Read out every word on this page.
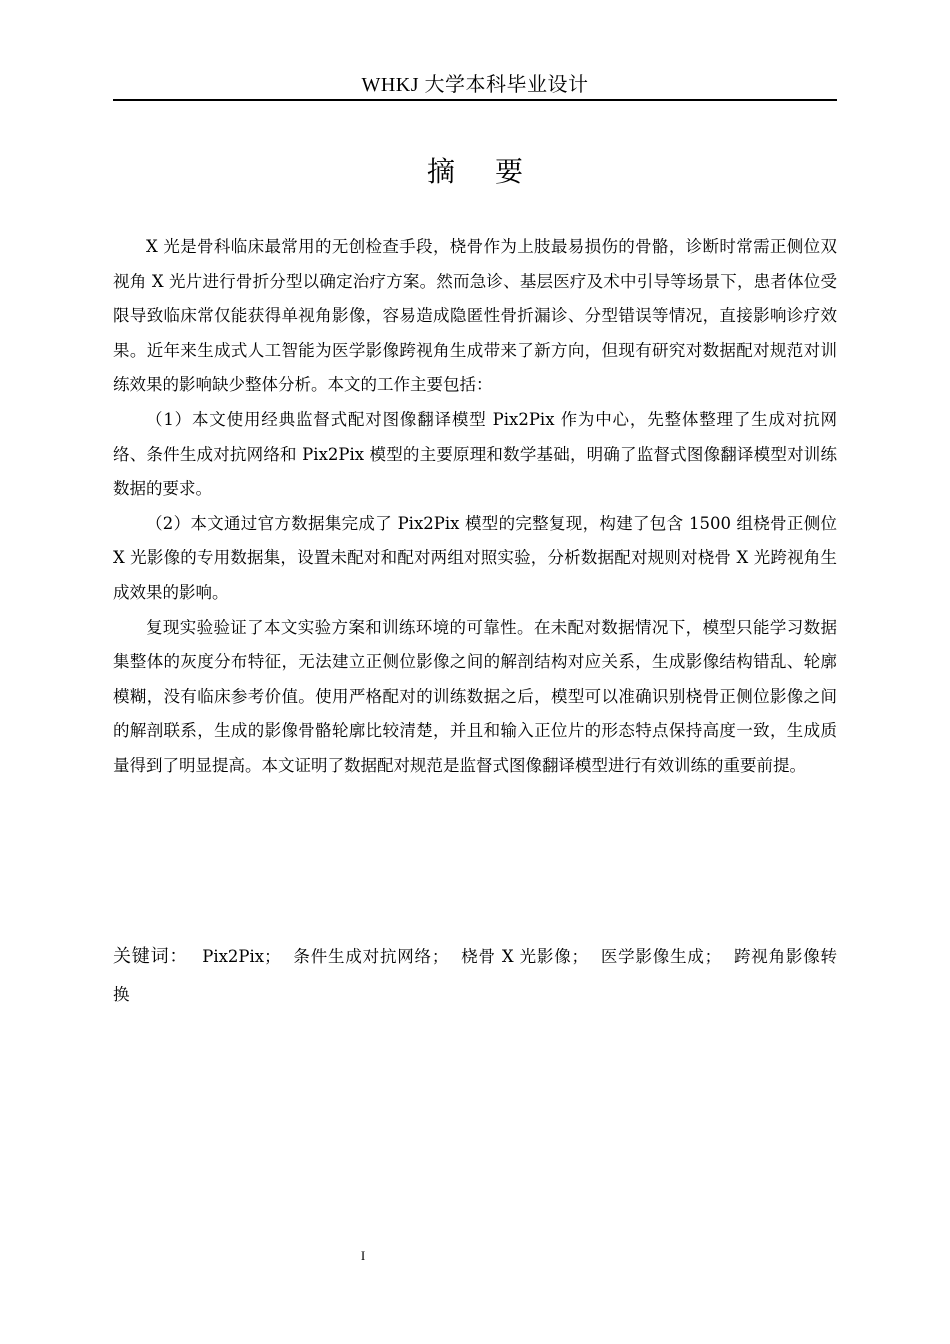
WHKJ 大学本科毕业设计
摘要

X 光是骨科临床最常用的无创检查手段，桡骨作为上肢最易损伤的骨骼，诊断时常需正侧位双视角 X 光片进行骨折分型以确定治疗方案。然而急诊、基层医疗及术中引导等场景下，患者体位受限导致临床常仅能获得单视角影像，容易造成隐匿性骨折漏诊、分型错误等情况，直接影响诊疗效果。近年来生成式人工智能为医学影像跨视角生成带来了新方向，但现有研究对数据配对规范对训练效果的影响缺少整体分析。本文的工作主要包括：

（1）本文使用经典监督式配对图像翻译模型 Pix2Pix 作为中心，先整体整理了生成对抗网络、条件生成对抗网络和 Pix2Pix 模型的主要原理和数学基础，明确了监督式图像翻译模型对训练数据的要求。

（2）本文通过官方数据集完成了 Pix2Pix 模型的完整复现，构建了包含 1500 组桡骨正侧位 X 光影像的专用数据集，设置未配对和配对两组对照实验，分析数据配对规则对桡骨 X 光跨视角生成效果的影响。

复现实验验证了本文实验方案和训练环境的可靠性。在未配对数据情况下，模型只能学习数据集整体的灰度分布特征，无法建立正侧位影像之间的解剖结构对应关系，生成影像结构错乱、轮廓模糊，没有临床参考价值。使用严格配对的训练数据之后，模型可以准确识别桡骨正侧位影像之间的解剖联系，生成的影像骨骼轮廓比较清楚，并且和输入正位片的形态特点保持高度一致，生成质量得到了明显提高。本文证明了数据配对规范是监督式图像翻译模型进行有效训练的重要前提。

关键词： Pix2Pix； 条件生成对抗网络； 桡骨 X 光影像； 医学影像生成； 跨视角影像转换
I
